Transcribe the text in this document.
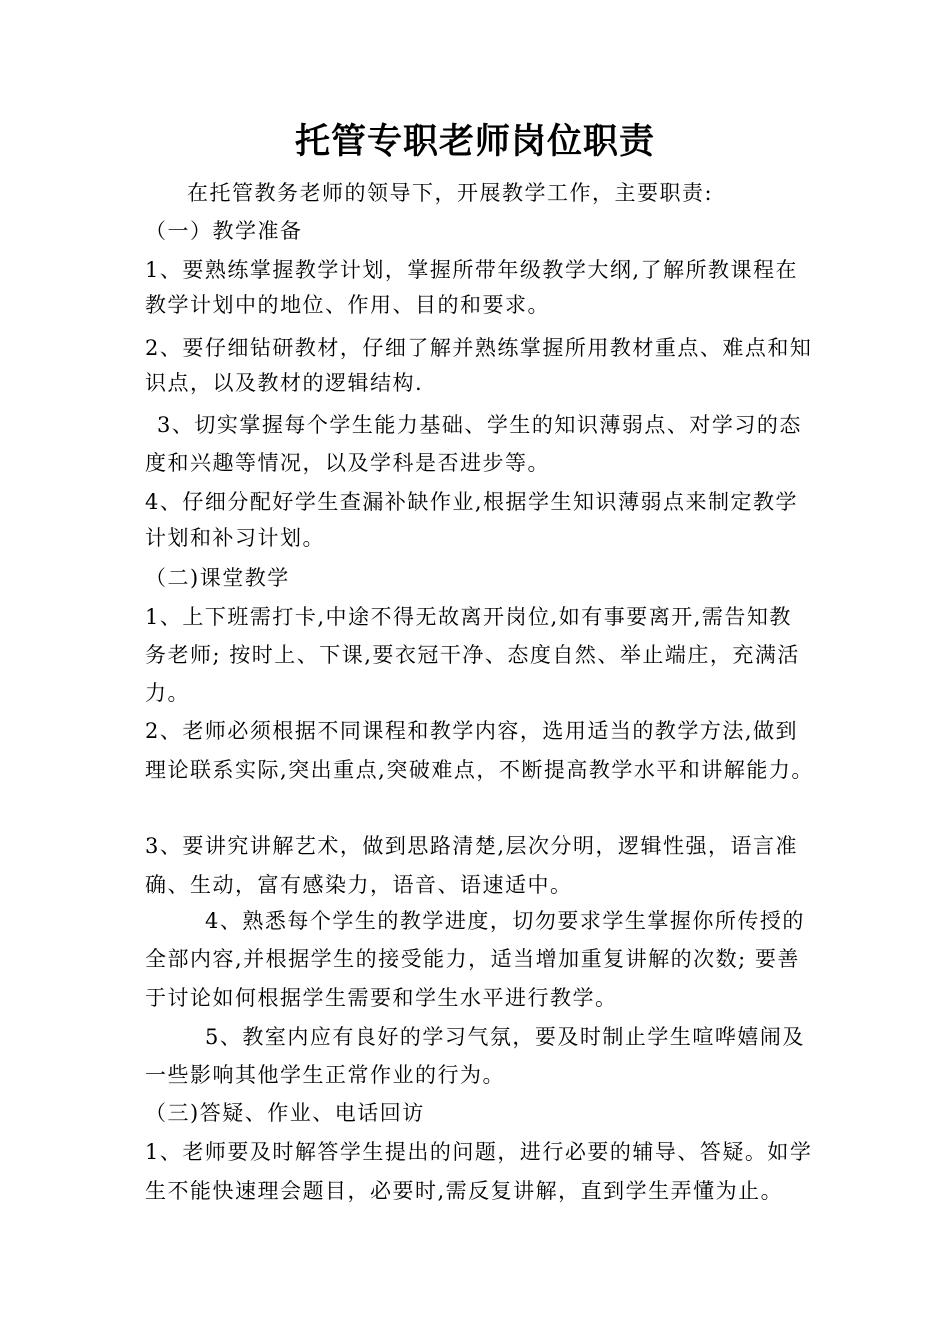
托管专职老师岗位职责
在托管教务老师的领导下，开展教学工作，主要职责:
（一）教学准备
1、要熟练掌握教学计划，掌握所带年级教学大纲,了解所教课程在
教学计划中的地位、作用、目的和要求。
2、要仔细钻研教材，仔细了解并熟练掌握所用教材重点、难点和知
识点，以及教材的逻辑结构.
3、切实掌握每个学生能力基础、学生的知识薄弱点、对学习的态
度和兴趣等情况，以及学科是否进步等。
4、仔细分配好学生查漏补缺作业,根据学生知识薄弱点来制定教学
计划和补习计划。
（二)课堂教学
1、上下班需打卡,中途不得无故离开岗位,如有事要离开,需告知教
务老师; 按时上、下课,要衣冠干净、态度自然、举止端庄，充满活
力。
2、老师必须根据不同课程和教学内容，选用适当的教学方法,做到
理论联系实际,突出重点,突破难点，不断提高教学水平和讲解能力。
3、要讲究讲解艺术，做到思路清楚,层次分明，逻辑性强，语言准
确、生动，富有感染力，语音、语速适中。
4、熟悉每个学生的教学进度，切勿要求学生掌握你所传授的
全部内容,并根据学生的接受能力，适当增加重复讲解的次数; 要善
于讨论如何根据学生需要和学生水平进行教学。
5、教室内应有良好的学习气氛，要及时制止学生喧哗嬉闹及
一些影响其他学生正常作业的行为。
（三)答疑、作业、电话回访
1、老师要及时解答学生提出的问题，进行必要的辅导、答疑。如学
生不能快速理会题目，必要时,需反复讲解，直到学生弄懂为止。
